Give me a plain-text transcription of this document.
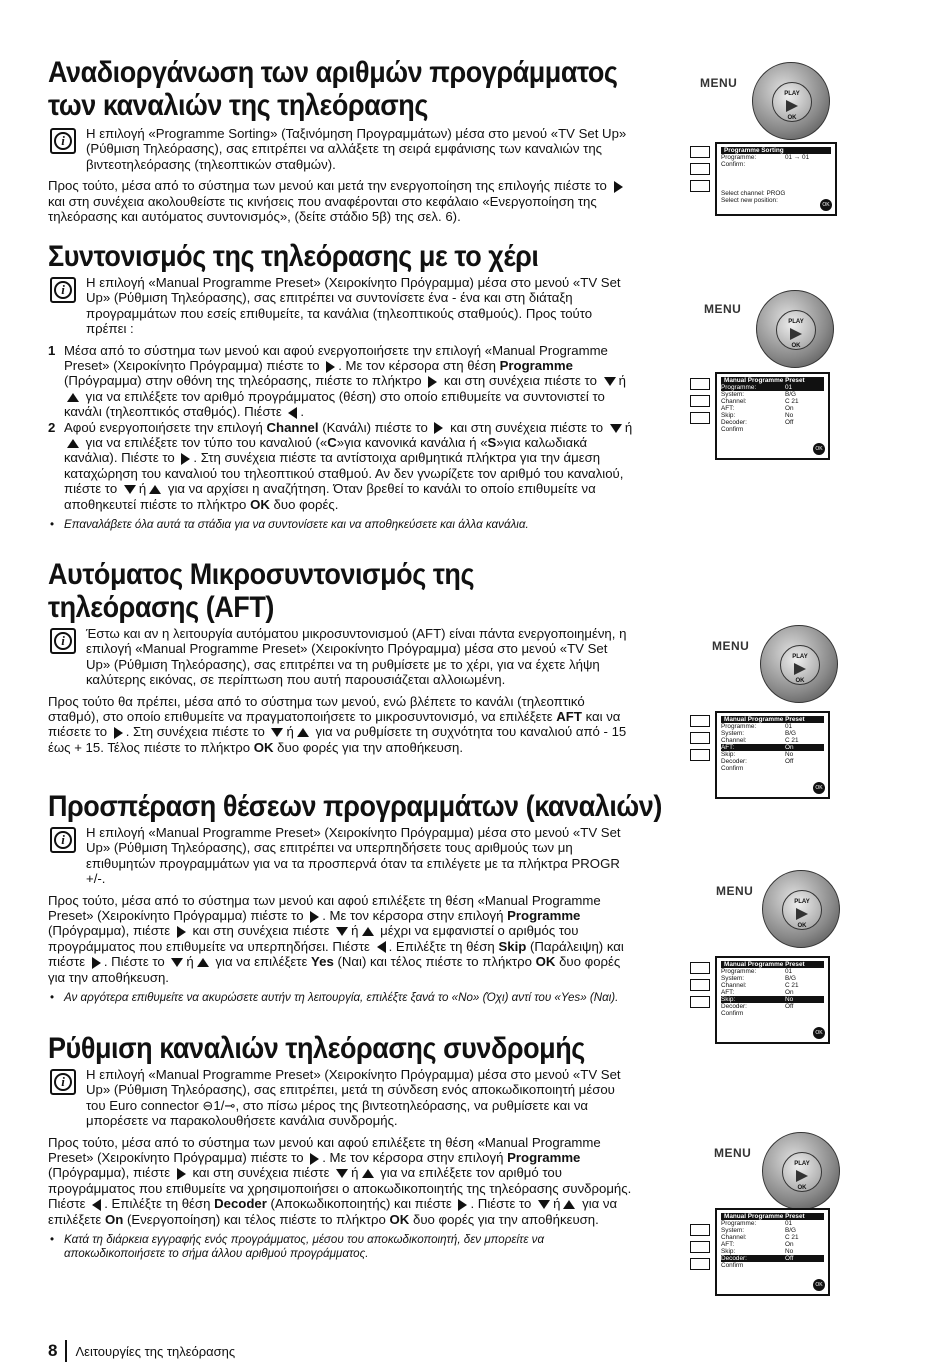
Αναδιοργάνωση των αριθμών προγράμματος
των καναλιών της τηλεόρασης
i	Η επιλογή «Programme Sorting» (Ταξινόμηση Προγραμμάτων) μέσα στο μενού «TV Set Up» (Ρύθμιση Τηλεόρασης), σας επιτρέπει να αλλάξετε τη σειρά εμφάνισης των καναλιών της βιντεοτηλεόρασης (τηλεοπτικών σταθμών).

Προς τούτο, μέσα από το σύστημα των μενού και μετά την ενεργοποίηση της επιλογής πιέστε το και στη συνέχεια ακολουθείστε τις κινήσεις που αναφέρονται στο κεφάλαιο «Ενεργοποίηση της τηλεόρασης και αυτόματος συντονισμός», (δείτε στάδιο 5β) της σελ. 6).

Συντονισμός της τηλεόρασης με το χέρι
i	Η επιλογή «Manual Programme Preset» (Χειροκίνητο Πρόγραμμα) μέσα στο μενού «TV Set Up» (Ρύθμιση Τηλεόρασης), σας επιτρέπει να συντονίσετε ένα - ένα και στη διάταξη προγραμμάτων που εσείς επιθυμείτε, τα κανάλια (τηλεοπτικούς σταθμούς). Προς τούτο πρέπει :
1 Μέσα από το σύστημα των μενού και αφού ενεργοποιήσετε την επιλογή «Manual Programme Preset» (Χειροκίνητο Πρόγραμμα) πιέστε το . Με τον κέρσορα στη θέση Programme (Πρόγραμμα) στην οθόνη της τηλεόρασης, πιέστε το πλήκτρο και στη συνέχεια πιέστε το ή για να επιλέξετε τον αριθμό προγράμματος (θέση) στο οποίο επιθυμείτε να συντονιστεί το κανάλι (τηλεοπτικός σταθμός). Πιέστε .
2 Αφού ενεργοποιήσετε την επιλογή Channel (Κανάλι) πιέστε το και στη συνέχεια πιέστε το ή για να επιλέξετε τον τύπο του καναλιού («C»για κανονικά κανάλια ή «S»για καλωδιακά κανάλια). Πιέστε το . Στη συνέχεια πιέστε τα αντίστοιχα αριθμητικά πλήκτρα για την άμεση καταχώρηση του καναλιού του τηλεοπτικού σταθμού. Αν δεν γνωρίζετε τον αριθμό του καναλιού, πιέστε το ή για να αρχίσει η αναζήτηση. Όταν βρεθεί το κανάλι το οποίο επιθυμείτε να αποθηκευτεί πιέστε το πλήκτρο OK δυο φορές.
• Επαναλάβετε όλα αυτά τα στάδια για να συντονίσετε και να αποθηκεύσετε και άλλα κανάλια.
Αυτόματος Μικροσυντονισμός της
τηλεόρασης (AFT)
i	Έστω και αν η λειτουργία αυτόματου μικροσυντονισμού (AFT) είναι πάντα ενεργοποιημένη, η επιλογή «Manual Programme Preset» (Χειροκίνητο Πρόγραμμα) μέσα στο μενού «TV Set Up» (Ρύθμιση Τηλεόρασης), σας επιτρέπει να τη ρυθμίσετε με το χέρι, για να έχετε λήψη καλύτερης εικόνας, σε περίπτωση που αυτή παρουσιάζεται αλλοιωμένη.

Προς τούτο θα πρέπει, μέσα από το σύστημα των μενού, ενώ βλέπετε το κανάλι (τηλεοπτικό σταθμό), στο οποίο επιθυμείτε να πραγματοποιήσετε το μικροσυντονισμό, να επιλέξετε AFT και να πιέσετε το . Στη συνέχεια πιέστε το ή για να ρυθμίσετε τη συχνότητα του καναλιού από - 15 έως + 15. Τέλος πιέστε το πλήκτρο OK δυο φορές για την αποθήκευση.

Προσπέραση θέσεων προγραμμάτων (καναλιών)
i	Η επιλογή «Manual Programme Preset» (Χειροκίνητο Πρόγραμμα) μέσα στο μενού «TV Set Up» (Ρύθμιση Τηλεόρασης), σας επιτρέπει να υπερπηδήσετε τους αριθμούς των μη επιθυμητών προγραμμάτων για να τα προσπερνά όταν τα επιλέγετε με τα πλήκτρα PROGR +/-.

Προς τούτο, μέσα από το σύστημα των μενού και αφού επιλέξετε τη θέση «Manual Programme Preset» (Χειροκίνητο Πρόγραμμα) πιέστε το . Με τον κέρσορα στην επιλογή Programme (Πρόγραμμα), πιέστε και στη συνέχεια πιέστε ή μέχρι να εμφανιστεί ο αριθμός του προγράμματος που επιθυμείτε να υπερπηδήσει. Πιέστε . Επιλέξτε τη θέση Skip (Παράλειψη) και πιέστε . Πιέστε το ή για να επιλέξετε Yes (Ναι) και τέλος πιέστε το πλήκτρο OK δυο φορές για την αποθήκευση.

• Αν αργότερα επιθυμείτε να ακυρώσετε αυτήν τη λειτουργία, επιλέξτε ξανά το «No» (Όχι) αντί του «Yes» (Ναι).
Ρύθμιση καναλιών τηλεόρασης συνδρομής
i	Η επιλογή «Manual Programme Preset» (Χειροκίνητο Πρόγραμμα) μέσα στο μενού «TV Set Up» (Ρύθμιση Τηλεόρασης), σας επιτρέπει, μετά τη σύνδεση ενός αποκωδικοποιητή μέσου του Euro connector ⊖1/⊸, στο πίσω μέρος της βιντεοτηλεόρασης, να ρυθμίσετε και να μπορέσετε να παρακολουθήσετε κανάλια συνδρομής.

Προς τούτο, μέσα από το σύστημα των μενού και αφού επιλέξετε τη θέση «Manual Programme Preset» (Χειροκίνητο Πρόγραμμα) πιέστε το . Με τον κέρσορα στην επιλογή Programme (Πρόγραμμα), πιέστε και στη συνέχεια πιέστε ή για να επιλέξετε τον αριθμό του προγράμματος που επιθυμείτε να χρησιμοποιήσει ο αποκωδικοποιητής της τηλεόρασης συνδρομής. Πιέστε . Επιλέξτε τη θέση Decoder (Αποκωδικοποιητής) και πιέστε . Πιέστε το ή για να επιλέξετε On (Ενεργοποίηση) και τέλος πιέστε το πλήκτρο OK δυο φορές για την αποθήκευση.

• Κατά τη διάρκεια εγγραφής ενός προγράμματος, μέσου του αποκωδικοποιητή, δεν μπορείτε να αποκωδικοποιήσετε το σήμα άλλου αριθμού προγράμματος.
MENU
PLAY
OK
Programme Sorting
Programme:	01 → 01
Confirm:
Select channel: PROG
Select new position:
OK
MENU
PLAY
OK
Manual Programme Preset
Programme:	01
System:	B/G
Channel:	C 21
AFT:	On
Skip:	No
Decoder:	Off
Confirm
OK
MENU
PLAY
OK
Manual Programme Preset
Programme:	01
System:	B/G
Channel:	C 21
AFT:	On
Skip:	No
Decoder:	Off
Confirm
OK
MENU
PLAY
OK
Manual Programme Preset
Programme:	01
System:	B/G
Channel:	C 21
AFT:	On
Skip:	No
Decoder:	Off
Confirm
OK
MENU
PLAY
OK
Manual Programme Preset
Programme:	01
System:	B/G
Channel:	C 21
AFT:	On
Skip:	No
Decoder:	Off
Confirm
OK
8	Λειτουργίες της τηλεόρασης
